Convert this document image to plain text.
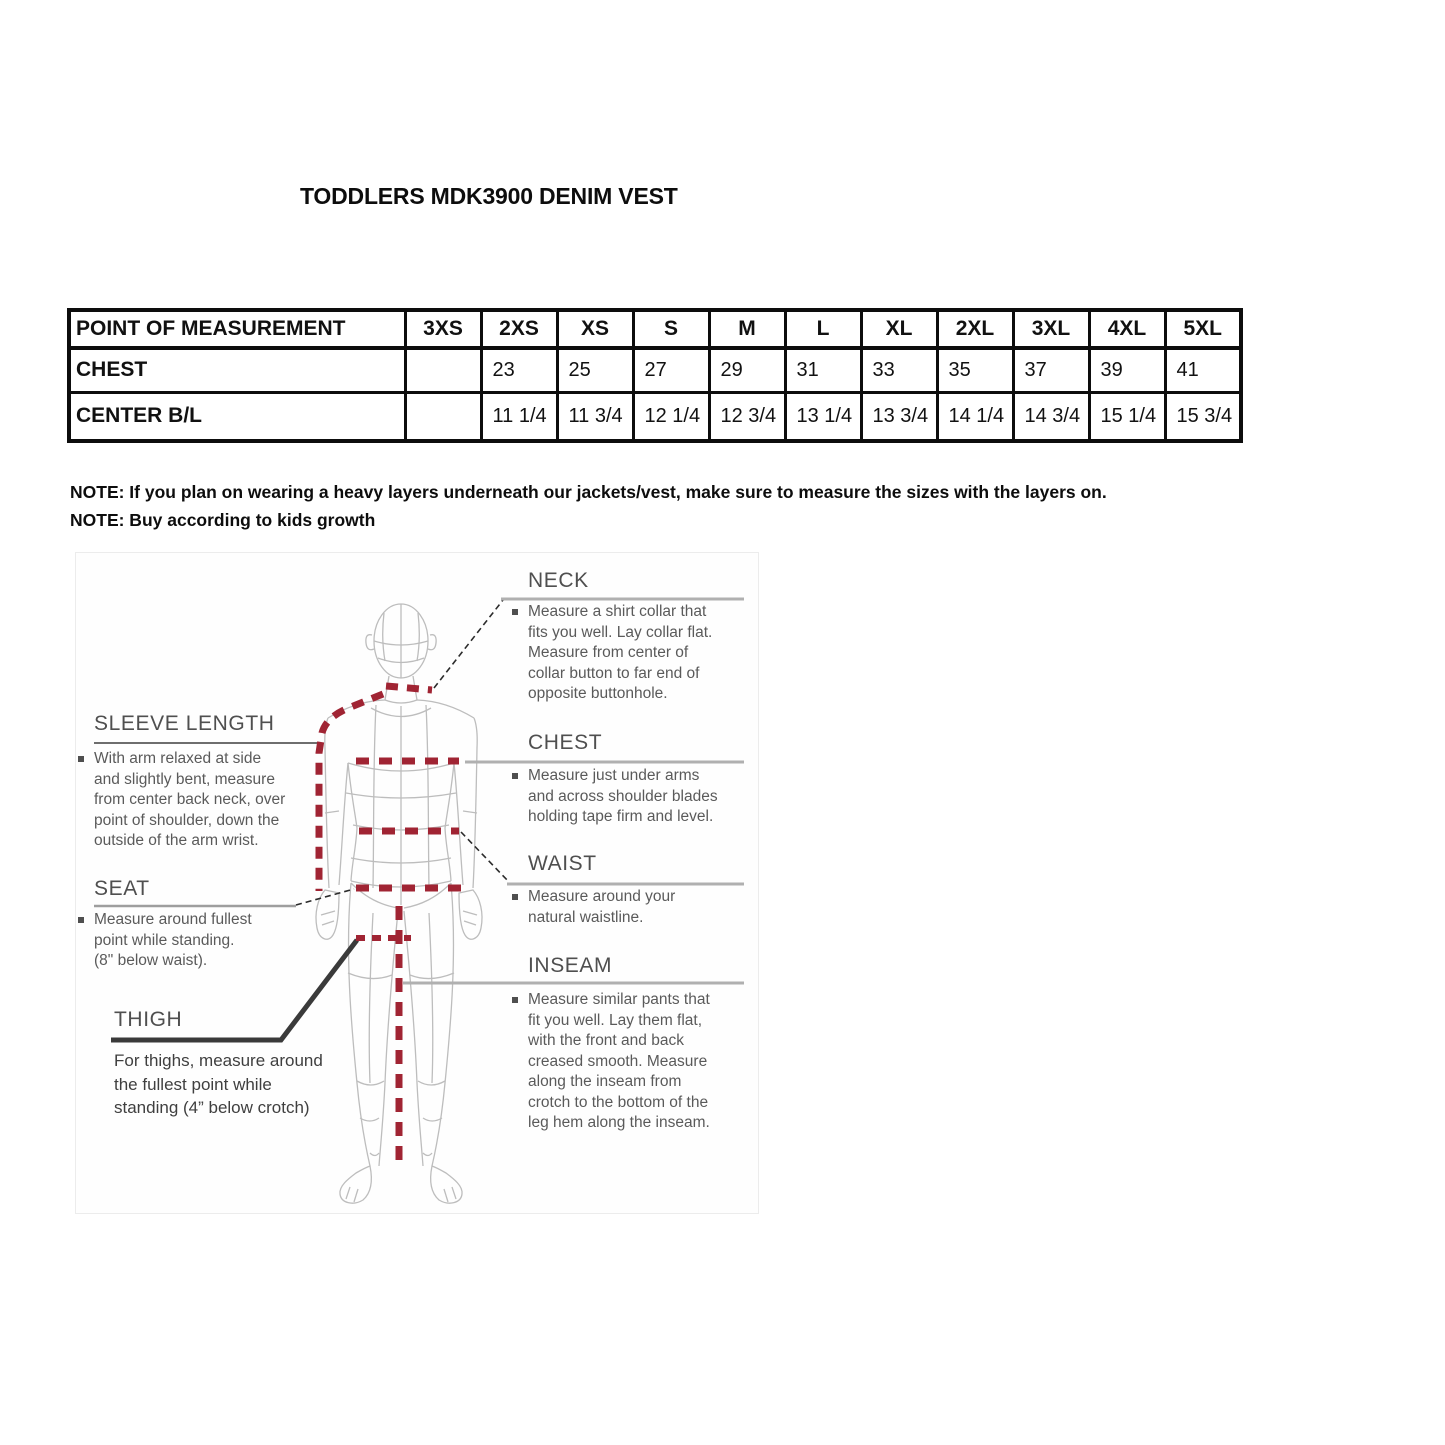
TODDLERS MDK3900 DENIM VEST
POINT OF MEASUREMENT	3XS	2XS	XS	S	M	L	XL	2XL	3XL	4XL	5XL
CHEST		23	25	27	29	31	33	35	37	39	41
CENTER B/L		11 1/4	11 3/4	12 1/4	12 3/4	13 1/4	13 3/4	14 1/4	14 3/4	15 1/4	15 3/4
NOTE: If you plan on wearing a heavy layers underneath our jackets/vest, make sure to measure the sizes with the layers on.
NOTE: Buy according to kids growth
NECK
Measure a shirt collar that
fits you well. Lay collar flat.
Measure from center of
collar button to far end of
opposite buttonhole.
CHEST
Measure just under arms
and across shoulder blades
holding tape firm and level.
WAIST
Measure around your
natural waistline.
INSEAM
Measure similar pants that
fit you well. Lay them flat,
with the front and back
creased smooth. Measure
along the inseam from
crotch to the bottom of the
leg hem along the inseam.
SLEEVE LENGTH
With arm relaxed at side
and slightly bent, measure
from center back neck, over
point of shoulder, down the
outside of the arm wrist.
SEAT
Measure around fullest
point while standing.
(8" below waist).
THIGH
For thighs, measure around
the fullest point while
standing (4” below crotch)
